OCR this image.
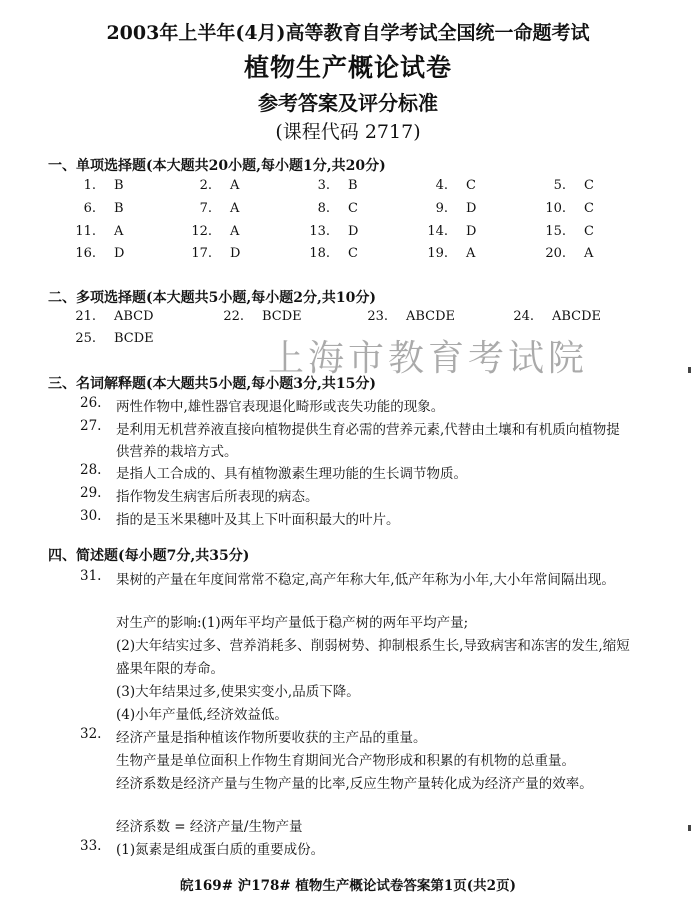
2003年上半年(4月)高等教育自学考试全国统一命题考试
植物生产概论试卷
参考答案及评分标准
(课程代码 2717)
一、单项选择题(本大题共20小题,每小题1分,共20分)
1. B	2. A	3. B	4. C	5. C
6. B	7. A	8. C	9. D	10. C
11. A	12. A	13. D	14. D	15. C
16. D	17. D	18. C	19. A	20. A
二、多项选择题(本大题共5小题,每小题2分,共10分)
21. ABCD	22. BCDE	23. ABCDE	24. ABCDE
25. BCDE	上海市教育考试院
三、名词解释题(本大题共5小题,每小题3分,共15分)
26. 两性作物中,雄性器官表现退化畸形或丧失功能的现象。
27. 是利用无机营养液直接向植物提供生育必需的营养元素,代替由土壤和有机质向植物提
供营养的栽培方式。
28. 是指人工合成的、具有植物激素生理功能的生长调节物质。
29. 指作物发生病害后所表现的病态。
30. 指的是玉米果穗叶及其上下叶面积最大的叶片。
四、简述题(每小题7分,共35分)
31. 果树的产量在年度间常常不稳定,高产年称大年,低产年称为小年,大小年常间隔出现。
对生产的影响:(1)两年平均产量低于稳产树的两年平均产量;
(2)大年结实过多、营养消耗多、削弱树势、抑制根系生长,导致病害和冻害的发生,缩短
盛果年限的寿命。
(3)大年结果过多,使果实变小,品质下降。
(4)小年产量低,经济效益低。
32. 经济产量是指种植该作物所要收获的主产品的重量。
生物产量是单位面积上作物生育期间光合产物形成和积累的有机物的总重量。
经济系数是经济产量与生物产量的比率,反应生物产量转化成为经济产量的效率。
经济系数 = 经济产量/生物产量
33. (1)氮素是组成蛋白质的重要成份。
皖169# 沪178# 植物生产概论试卷答案第1页(共2页)
